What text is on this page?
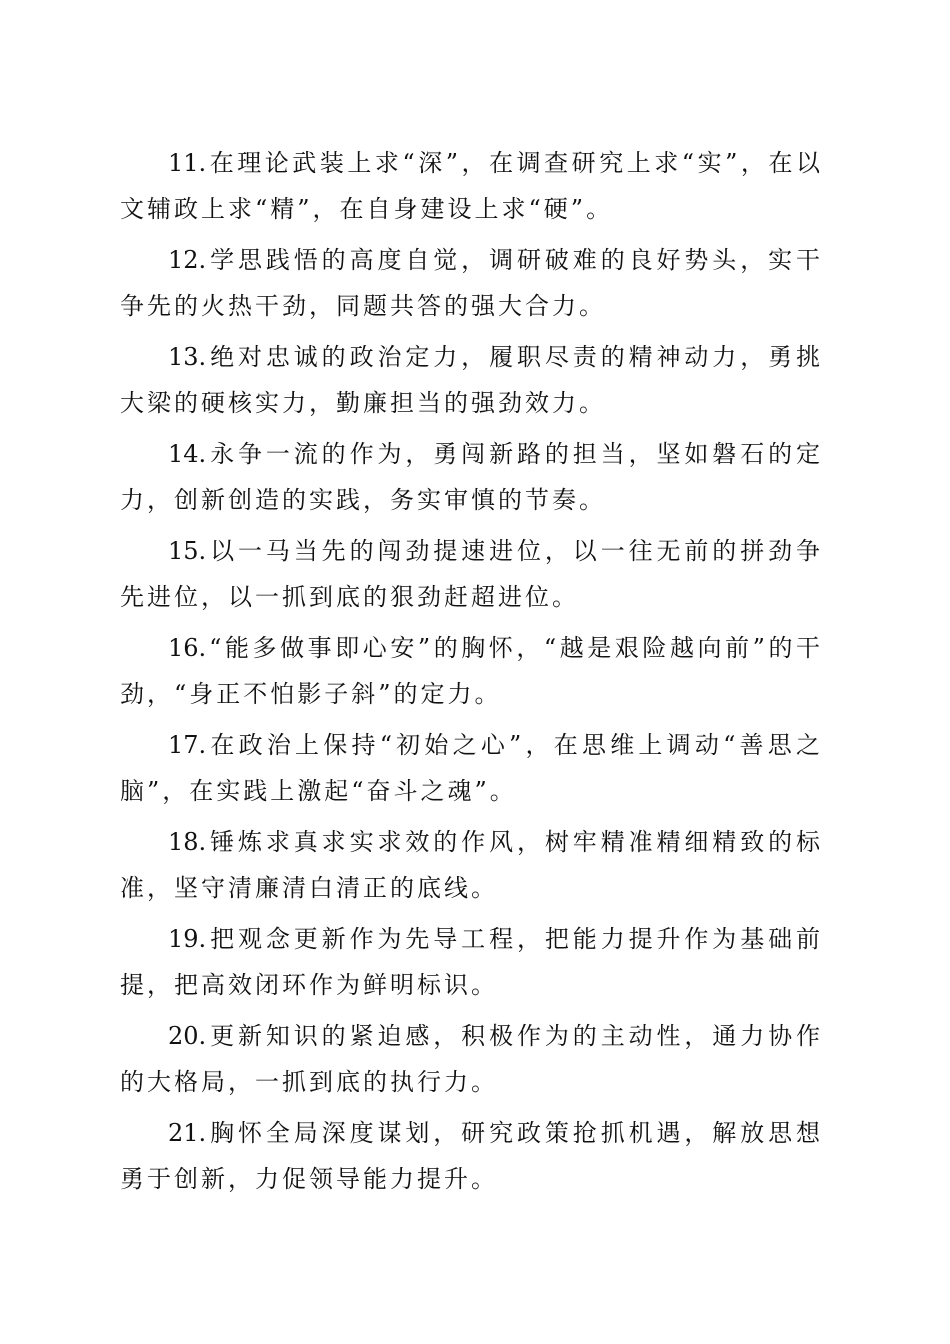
11. 在理论武装上求“深”，在调查研究上求“实”，在以文辅政上求“精”，在自身建设上求“硬”。

12. 学思践悟的高度自觉，调研破难的良好势头，实干争先的火热干劲，同题共答的强大合力。

13. 绝对忠诚的政治定力，履职尽责的精神动力，勇挑大梁的硬核实力，勤廉担当的强劲效力。

14. 永争一流的作为，勇闯新路的担当，坚如磐石的定力，创新创造的实践，务实审慎的节奏。

15. 以一马当先的闯劲提速进位，以一往无前的拼劲争先进位，以一抓到底的狠劲赶超进位。

16. “能多做事即心安”的胸怀，“越是艰险越向前”的干劲，“身正不怕影子斜”的定力。

17. 在政治上保持“初始之心”，在思维上调动“善思之脑”，在实践上激起“奋斗之魂”。

18. 锤炼求真求实求效的作风，树牢精准精细精致的标准，坚守清廉清白清正的底线。

19. 把观念更新作为先导工程，把能力提升作为基础前提，把高效闭环作为鲜明标识。

20. 更新知识的紧迫感，积极作为的主动性，通力协作的大格局，一抓到底的执行力。

21. 胸怀全局深度谋划，研究政策抢抓机遇，解放思想勇于创新，力促领导能力提升。
